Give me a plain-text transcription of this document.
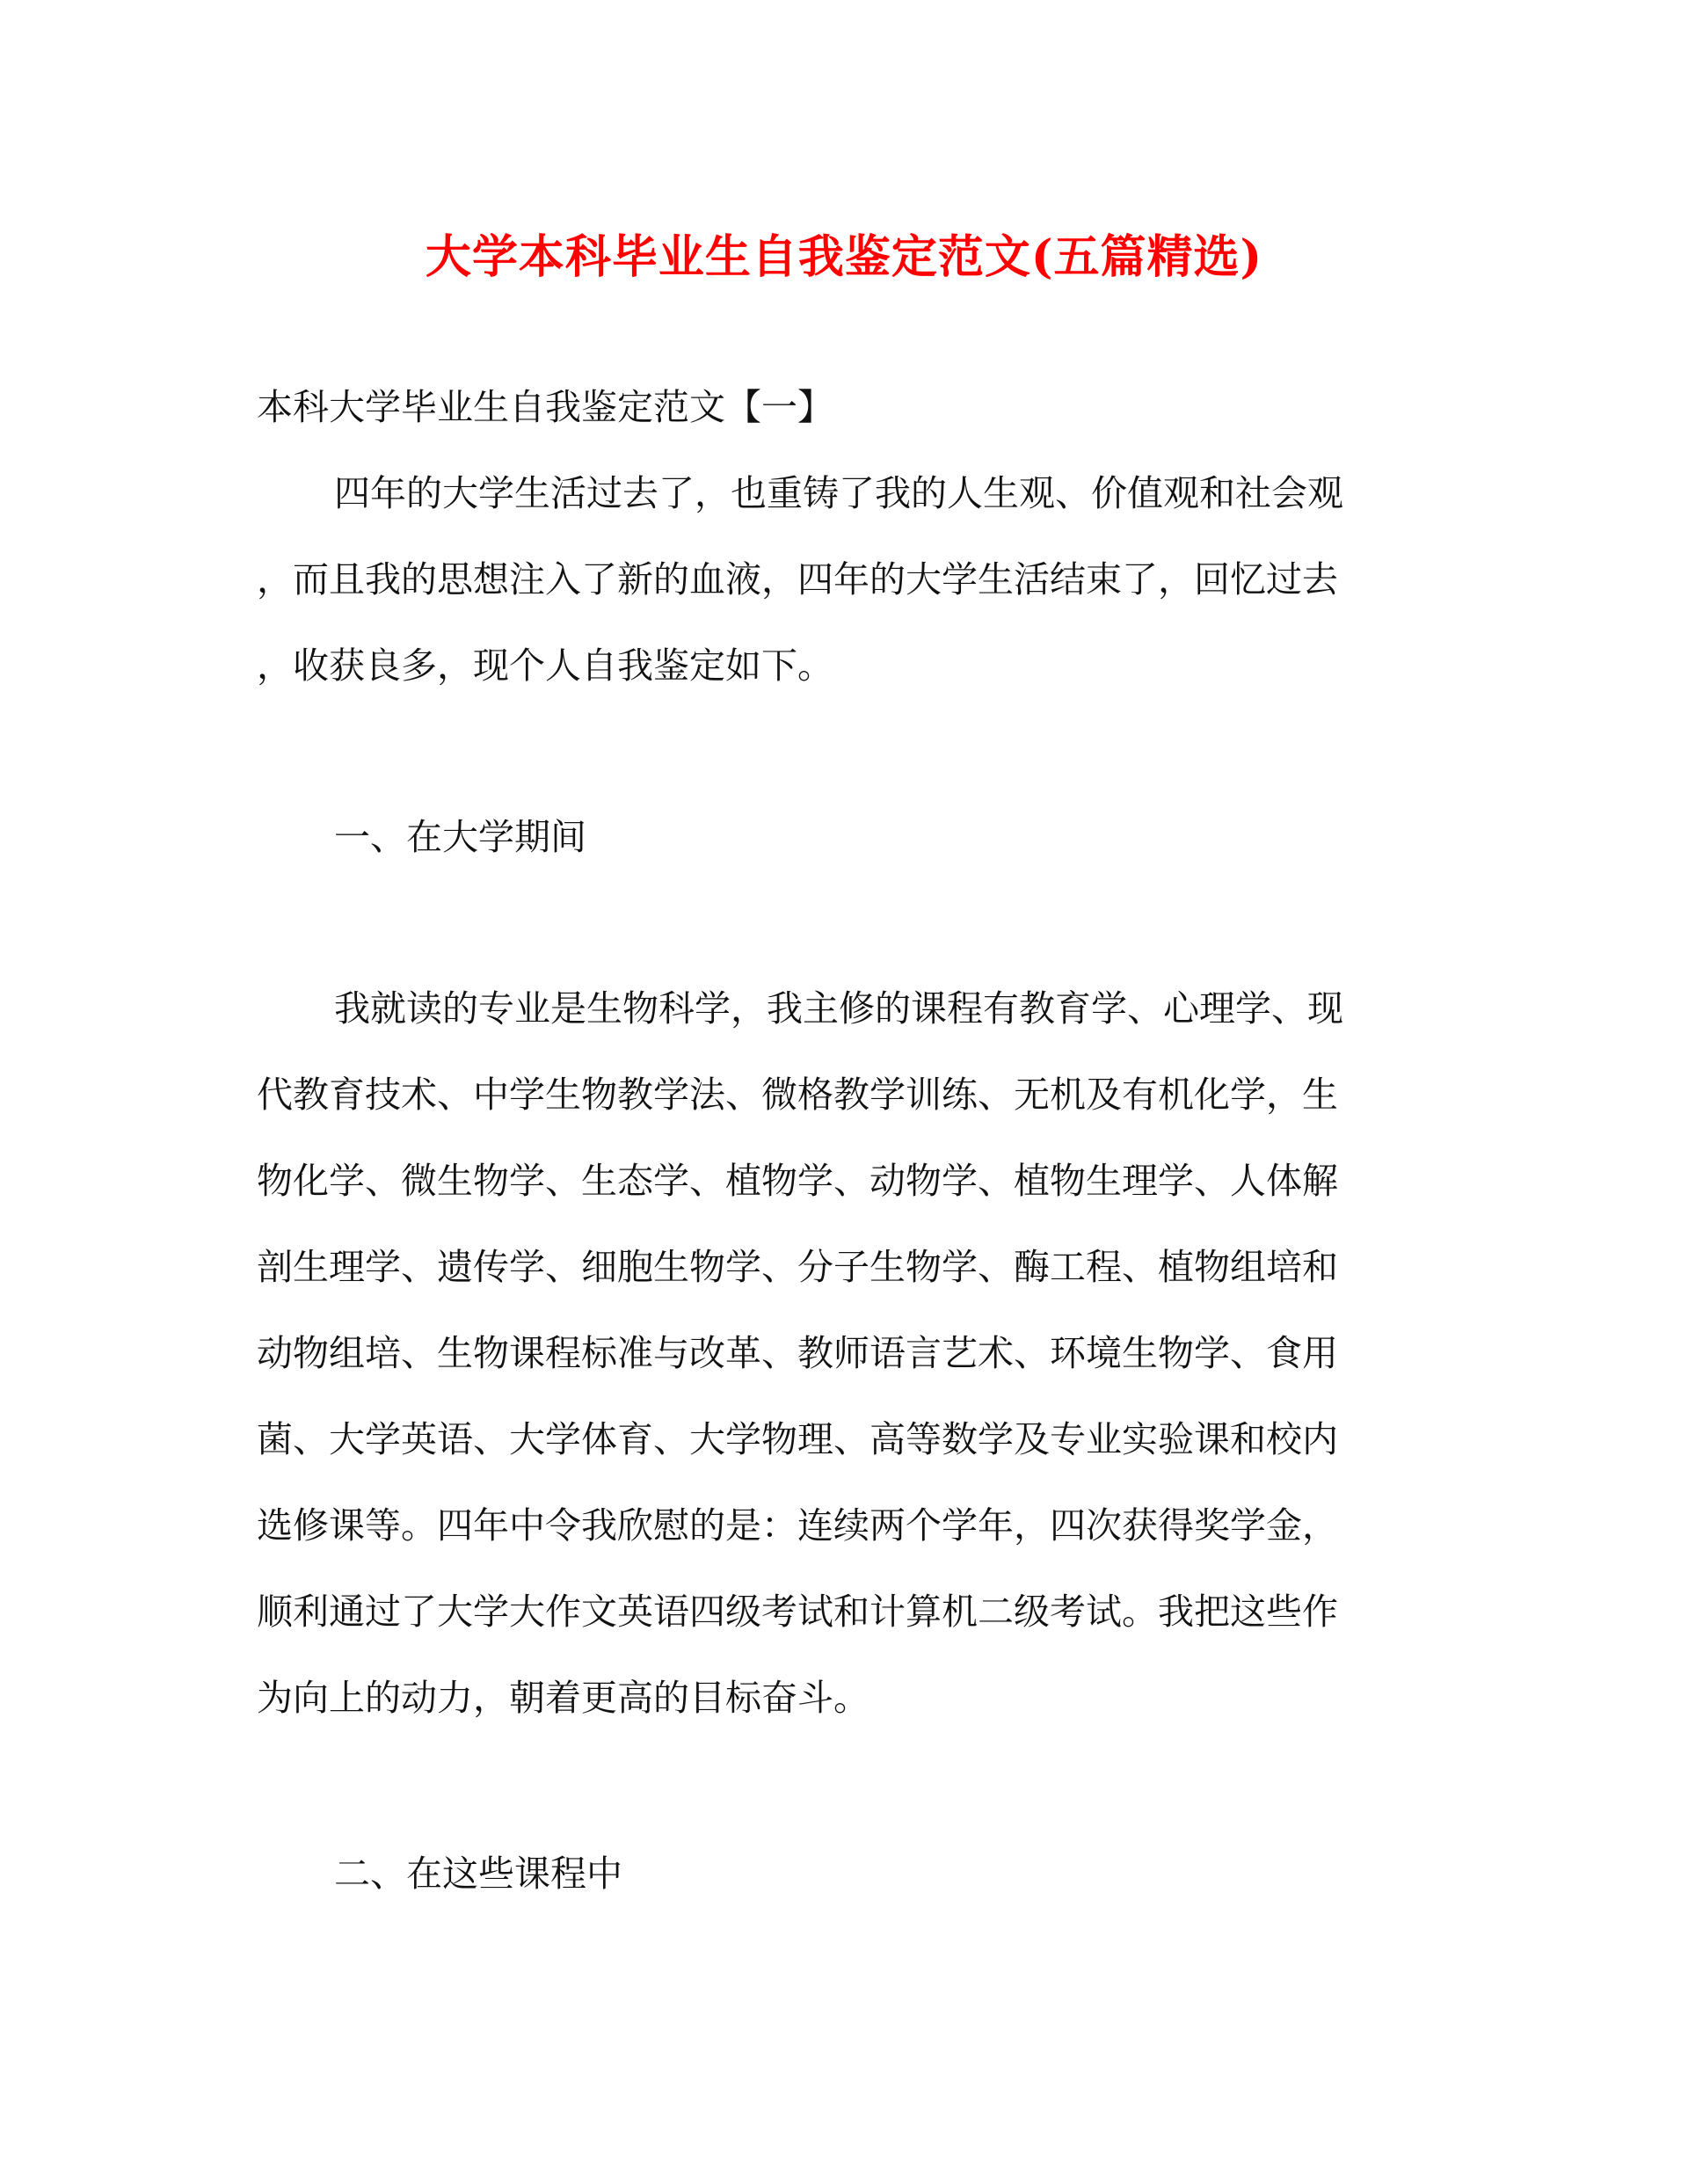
大学本科毕业生自我鉴定范文(五篇精选)
本科大学毕业生自我鉴定范文【一】
四年的大学生活过去了，也重铸了我的人生观、价值观和社会观
，而且我的思想注入了新的血液，四年的大学生活结束了，回忆过去
，收获良多，现个人自我鉴定如下。
一、在大学期间
我就读的专业是生物科学，我主修的课程有教育学、心理学、现
代教育技术、中学生物教学法、微格教学训练、无机及有机化学，生
物化学、微生物学、生态学、植物学、动物学、植物生理学、人体解
剖生理学、遗传学、细胞生物学、分子生物学、酶工程、植物组培和
动物组培、生物课程标准与改革、教师语言艺术、环境生物学、食用
菌、大学英语、大学体育、大学物理、高等数学及专业实验课和校内
选修课等。四年中令我欣慰的是：连续两个学年，四次获得奖学金，
顺利通过了大学大作文英语四级考试和计算机二级考试。我把这些作
为向上的动力，朝着更高的目标奋斗。
二、在这些课程中
